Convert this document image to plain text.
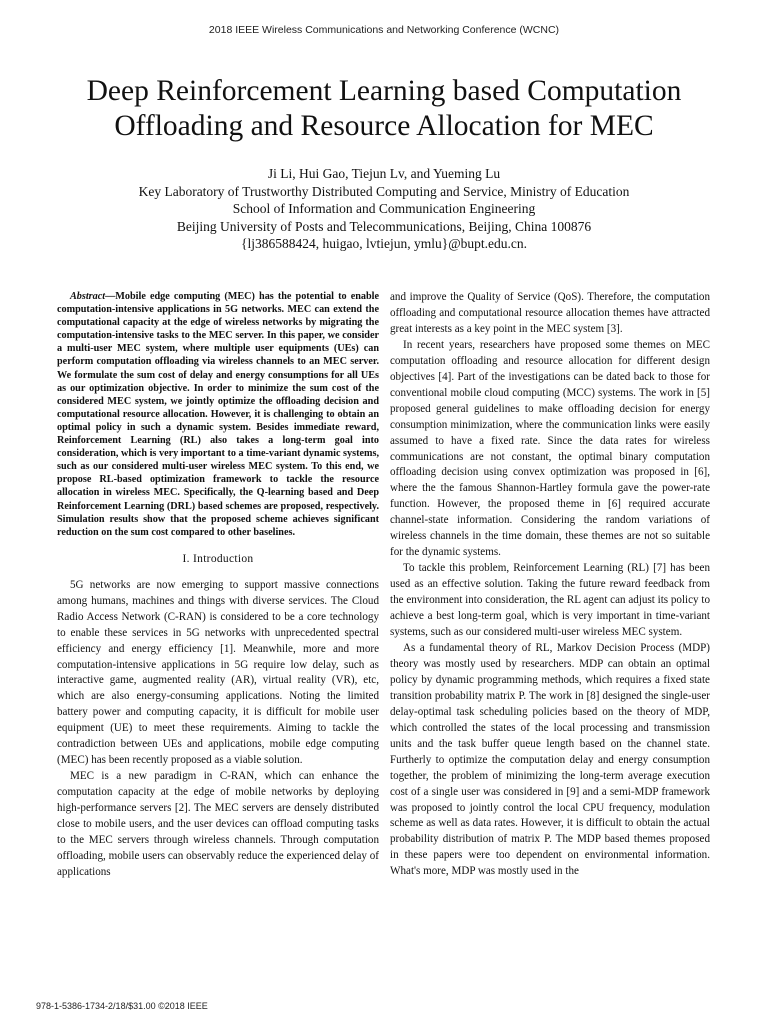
2018 IEEE Wireless Communications and Networking Conference (WCNC)
Deep Reinforcement Learning based Computation
Offloading and Resource Allocation for MEC
Ji Li, Hui Gao, Tiejun Lv, and Yueming Lu
Key Laboratory of Trustworthy Distributed Computing and Service, Ministry of Education
School of Information and Communication Engineering
Beijing University of Posts and Telecommunications, Beijing, China 100876
{lj386588424, huigao, lvtiejun, ymlu}@bupt.edu.cn.

Abstract—Mobile edge computing (MEC) has the potential to enable computation-intensive applications in 5G networks. MEC can extend the computational capacity at the edge of wireless networks by migrating the computation-intensive tasks to the MEC server. In this paper, we consider a multi-user MEC system, where multiple user equipments (UEs) can perform computation offloading via wireless channels to an MEC server. We formulate the sum cost of delay and energy consumptions for all UEs as our optimization objective. In order to minimize the sum cost of the considered MEC system, we jointly optimize the offloading decision and computational resource allocation. However, it is challenging to obtain an optimal policy in such a dynamic system. Besides immediate reward, Reinforcement Learning (RL) also takes a long-term goal into consideration, which is very important to a time-variant dynamic systems, such as our considered multi-user wireless MEC system. To this end, we propose RL-based optimization framework to tackle the resource allocation in wireless MEC. Specifically, the Q-learning based and Deep Reinforcement Learning (DRL) based schemes are proposed, respectively. Simulation results show that the proposed scheme achieves significant reduction on the sum cost compared to other baselines.

I. Introduction

5G networks are now emerging to support massive connections among humans, machines and things with diverse services. The Cloud Radio Access Network (C-RAN) is considered to be a core technology to enable these services in 5G networks with unprecedented spectral efficiency and energy efficiency [1]. Meanwhile, more and more computation-intensive applications in 5G require low delay, such as interactive game, augmented reality (AR), virtual reality (VR), etc, which are also energy-consuming applications. Noting the limited battery power and computing capacity, it is difficult for mobile user equipment (UE) to meet these requirements. Aiming to tackle the contradiction between UEs and applications, mobile edge computing (MEC) has been recently proposed as a viable solution.

MEC is a new paradigm in C-RAN, which can enhance the computation capacity at the edge of mobile networks by deploying high-performance servers [2]. The MEC servers are densely distributed close to mobile users, and the user devices can offload computing tasks to the MEC servers through wireless channels. Through computation offloading, mobile users can observably reduce the experienced delay of applications

and improve the Quality of Service (QoS). Therefore, the computation offloading and computational resource allocation themes have attracted great interests as a key point in the MEC system [3].

In recent years, researchers have proposed some themes on MEC computation offloading and resource allocation for different design objectives [4]. Part of the investigations can be dated back to those for conventional mobile cloud computing (MCC) systems. The work in [5] proposed general guidelines to make offloading decision for energy consumption minimization, where the communication links were easily assumed to have a fixed rate. Since the data rates for wireless communications are not constant, the optimal binary computation offloading decision using convex optimization was proposed in [6], where the the famous Shannon-Hartley formula gave the power-rate function. However, the proposed theme in [6] required accurate channel-state information. Considering the random variations of wireless channels in the time domain, these themes are not so suitable for the dynamic systems.

To tackle this problem, Reinforcement Learning (RL) [7] has been used as an effective solution. Taking the future reward feedback from the environment into consideration, the RL agent can adjust its policy to achieve a best long-term goal, which is very important in time-variant systems, such as our considered multi-user wireless MEC system.

As a fundamental theory of RL, Markov Decision Process (MDP) theory was mostly used by researchers. MDP can obtain an optimal policy by dynamic programming methods, which requires a fixed state transition probability matrix P. The work in [8] designed the single-user delay-optimal task scheduling policies based on the theory of MDP, which controlled the states of the local processing and transmission units and the task buffer queue length based on the channel state. Furtherly to optimize the computation delay and energy consumption together, the problem of minimizing the long-term average execution cost of a single user was considered in [9] and a semi-MDP framework was proposed to jointly control the local CPU frequency, modulation scheme as well as data rates. However, it is difficult to obtain the actual probability distribution of matrix P. The MDP based themes proposed in these papers were too dependent on environmental information. What's more, MDP was mostly used in the

978-1-5386-1734-2/18/$31.00 ©2018 IEEE
